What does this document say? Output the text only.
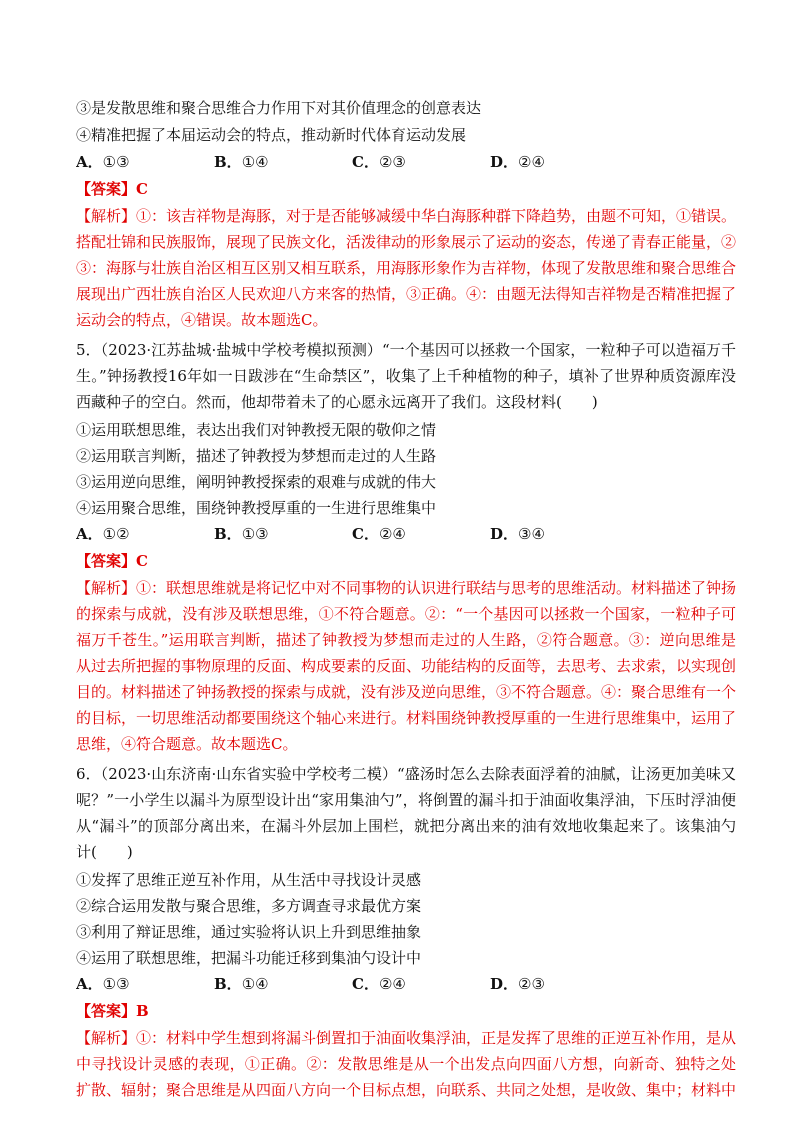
③是发散思维和聚合思维合力作用下对其价值理念的创意表达
④精准把握了本届运动会的特点，推动新时代体育运动发展
A．①③	B．①④	C．②③	D．②④
【答案】C
【解析】①：该吉祥物是海豚，对于是否能够减缓中华白海豚种群下降趋势，由题不可知，①错误。
搭配壮锦和民族服饰，展现了民族文化，活泼律动的形象展示了运动的姿态，传递了青春正能量，②
③：海豚与壮族自治区相互区别又相互联系，用海豚形象作为吉祥物，体现了发散思维和聚合思维合
展现出广西壮族自治区人民欢迎八方来客的热情，③正确。④：由题无法得知吉祥物是否精准把握了
运动会的特点，④错误。故本题选C。
5．（2023·江苏盐城·盐城中学校考模拟预测）“一个基因可以拯救一个国家，一粒种子可以造福万千
生。”钟扬教授16年如一日跋涉在“生命禁区”，收集了上千种植物的种子，填补了世界种质资源库没
西藏种子的空白。然而，他却带着未了的心愿永远离开了我们。这段材料(　　)
①运用联想思维，表达出我们对钟教授无限的敬仰之情
②运用联言判断，描述了钟教授为梦想而走过的人生路
③运用逆向思维，阐明钟教授探索的艰难与成就的伟大
④运用聚合思维，围绕钟教授厚重的一生进行思维集中
A．①②	B．①③	C．②④	D．③④
【答案】C
【解析】①：联想思维就是将记忆中对不同事物的认识进行联结与思考的思维活动。材料描述了钟扬
的探索与成就，没有涉及联想思维，①不符合题意。②：“一个基因可以拯救一个国家，一粒种子可
福万千苍生。”运用联言判断，描述了钟教授为梦想而走过的人生路，②符合题意。③：逆向思维是
从过去所把握的事物原理的反面、构成要素的反面、功能结构的反面等，去思考、去求索，以实现创
目的。材料描述了钟扬教授的探索与成就，没有涉及逆向思维，③不符合题意。④：聚合思维有一个
的目标，一切思维活动都要围绕这个轴心来进行。材料围绕钟教授厚重的一生进行思维集中，运用了
思维，④符合题意。故本题选C。
6．（2023·山东济南·山东省实验中学校考二模）“盛汤时怎么去除表面浮着的油腻，让汤更加美味又
呢？”一小学生以漏斗为原型设计出“家用集油勺”，将倒置的漏斗扣于油面收集浮油，下压时浮油便
从“漏斗”的顶部分离出来，在漏斗外层加上围栏，就把分离出来的油有效地收集起来了。该集油勺
计(　　)
①发挥了思维正逆互补作用，从生活中寻找设计灵感
②综合运用发散与聚合思维，多方调查寻求最优方案
③利用了辩证思维，通过实验将认识上升到思维抽象
④运用了联想思维，把漏斗功能迁移到集油勺设计中
A．①③	B．①④	C．②④	D．②③
【答案】B
【解析】①：材料中学生想到将漏斗倒置扣于油面收集浮油，正是发挥了思维的正逆互补作用，是从
中寻找设计灵感的表现，①正确。②：发散思维是从一个出发点向四面八方想，向新奇、独特之处
扩散、辐射；聚合思维是从四面八方向一个目标点想，向联系、共同之处想，是收敛、集中；材料中
